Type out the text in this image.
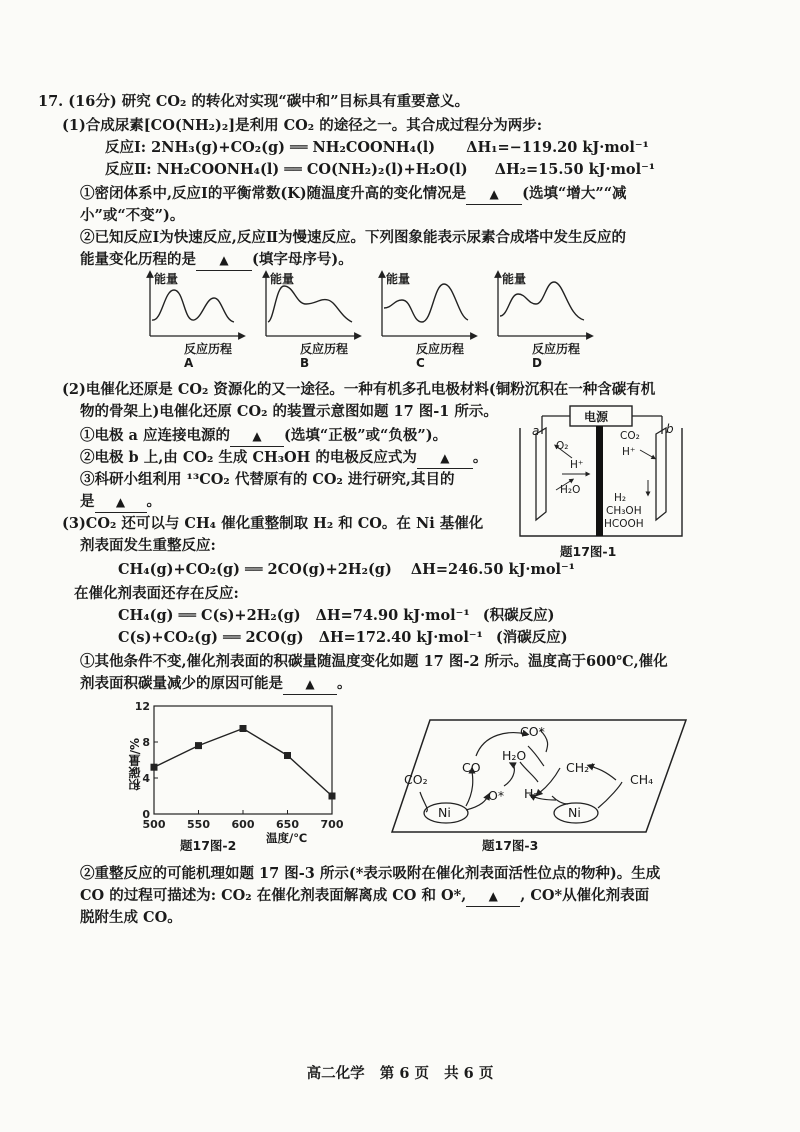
17. (16分) 研究 CO₂ 的转化对实现“碳中和”目标具有重要意义。
(1)合成尿素[CO(NH₂)₂]是利用 CO₂ 的途径之一。其合成过程分为两步:
反应Ⅰ: 2NH₃(g)+CO₂(g) ══ NH₂COONH₄(l) ΔH₁=−119.20 kJ·mol⁻¹
反应Ⅱ: NH₂COONH₄(l) ══ CO(NH₂)₂(l)+H₂O(l) ΔH₂=15.50 kJ·mol⁻¹
①密闭体系中,反应Ⅰ的平衡常数(K)随温度升高的变化情况是 ▲ (选填“增大”“减
小”或“不变”)。
②已知反应Ⅰ为快速反应,反应Ⅱ为慢速反应。下列图象能表示尿素合成塔中发生反应的
能量变化历程的是 ▲ (填字母序号)。
能量	能量	能量	能量
反应历程	反应历程	反应历程	反应历程
A	B	C	D
(2)电催化还原是 CO₂ 资源化的又一途径。一种有机多孔电极材料(铜粉沉积在一种含碳有机
物的骨架上)电催化还原 CO₂ 的装置示意图如题 17 图-1 所示。
①电极 a 应连接电源的 ▲ (选填“正极”或“负极”)。
②电极 b 上,由 CO₂ 生成 CH₃OH 的电极反应式为 ▲ 。
③科研小组利用 ¹³CO₂ 代替原有的 CO₂ 进行研究,其目的
是 ▲ 。
电源
a	b
O₂
H⁺
H₂O
CO₂
H⁺
H₂
CH₃OH
HCOOH
题17图-1
(3)CO₂ 还可以与 CH₄ 催化重整制取 H₂ 和 CO。在 Ni 基催化
剂表面发生重整反应:
CH₄(g)+CO₂(g) ══ 2CO(g)+2H₂(g) ΔH=246.50 kJ·mol⁻¹
在催化剂表面还存在反应:
CH₄(g) ══ C(s)+2H₂(g) ΔH=74.90 kJ·mol⁻¹ (积碳反应)
C(s)+CO₂(g) ══ 2CO(g) ΔH=172.40 kJ·mol⁻¹ (消碳反应)
①其他条件不变,催化剂表面的积碳量随温度变化如题 17 图-2 所示。温度高于600℃,催化
剂表面积碳量减少的原因可能是 ▲ 。
500 550 600 650 700
0
4
8
12
积碳量/%
温度/℃
题17图-2
CO*
H₂O
CO
CO₂
CH₂*
CH₄
O* H₂
Ni	Ni
题17图-3
②重整反应的可能机理如题 17 图-3 所示(*表示吸附在催化剂表面活性位点的物种)。生成
CO 的过程可描述为: CO₂ 在催化剂表面解离成 CO 和 O*, ▲ , CO*从催化剂表面
脱附生成 CO。
高二化学   第 6 页   共 6 页
